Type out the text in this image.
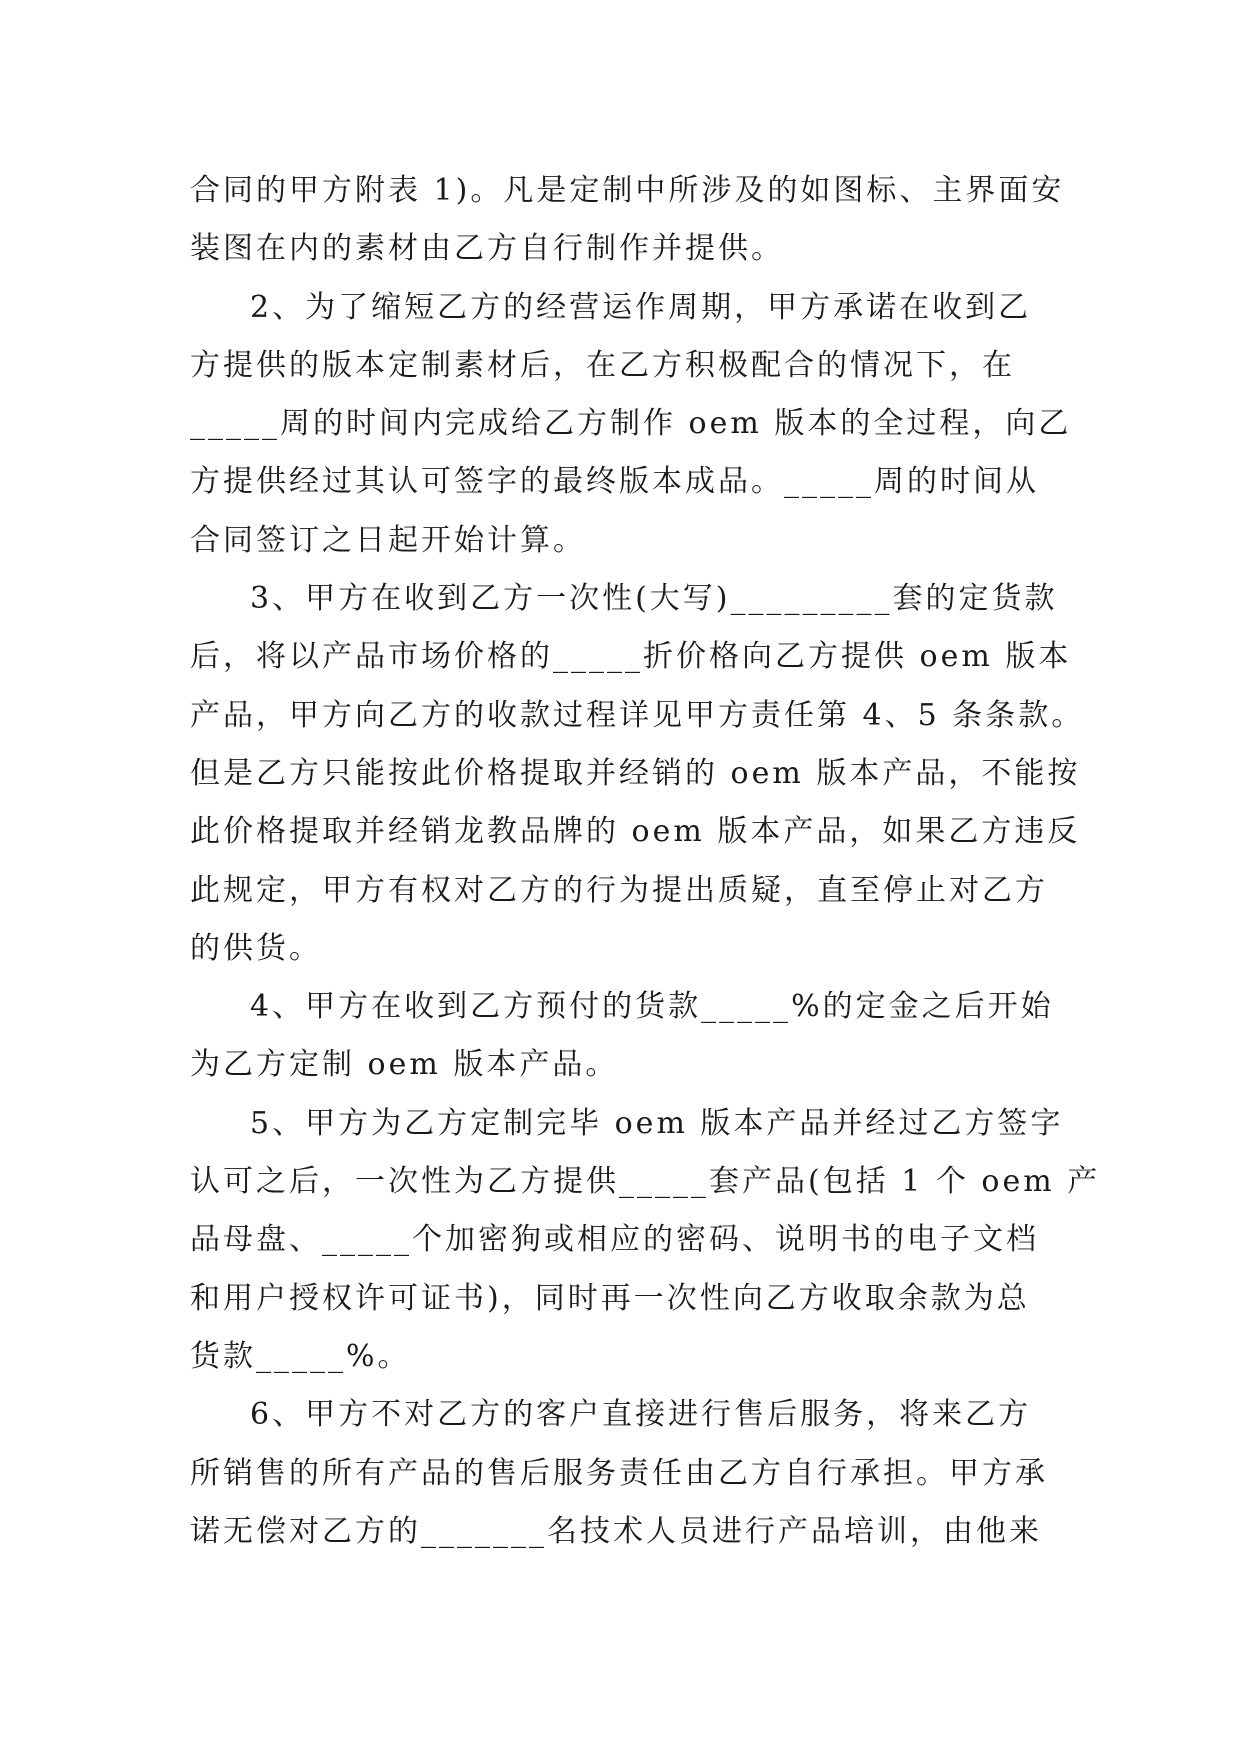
合同的甲方附表 1)。凡是定制中所涉及的如图标、主界面安
装图在内的素材由乙方自行制作并提供。
2、为了缩短乙方的经营运作周期，甲方承诺在收到乙
方提供的版本定制素材后，在乙方积极配合的情况下，在
_____周的时间内完成给乙方制作 oem 版本的全过程，向乙
方提供经过其认可签字的最终版本成品。_____周的时间从
合同签订之日起开始计算。
3、甲方在收到乙方一次性(大写)_________套的定货款
后，将以产品市场价格的_____折价格向乙方提供 oem 版本
产品，甲方向乙方的收款过程详见甲方责任第 4、5 条条款。
但是乙方只能按此价格提取并经销的 oem 版本产品，不能按
此价格提取并经销龙教品牌的 oem 版本产品，如果乙方违反
此规定，甲方有权对乙方的行为提出质疑，直至停止对乙方
的供货。
4、甲方在收到乙方预付的货款_____%的定金之后开始
为乙方定制 oem 版本产品。
5、甲方为乙方定制完毕 oem 版本产品并经过乙方签字
认可之后，一次性为乙方提供_____套产品(包括 1 个 oem 产
品母盘、_____个加密狗或相应的密码、说明书的电子文档
和用户授权许可证书)，同时再一次性向乙方收取余款为总
货款_____%。
6、甲方不对乙方的客户直接进行售后服务，将来乙方
所销售的所有产品的售后服务责任由乙方自行承担。甲方承
诺无偿对乙方的_______名技术人员进行产品培训，由他来
